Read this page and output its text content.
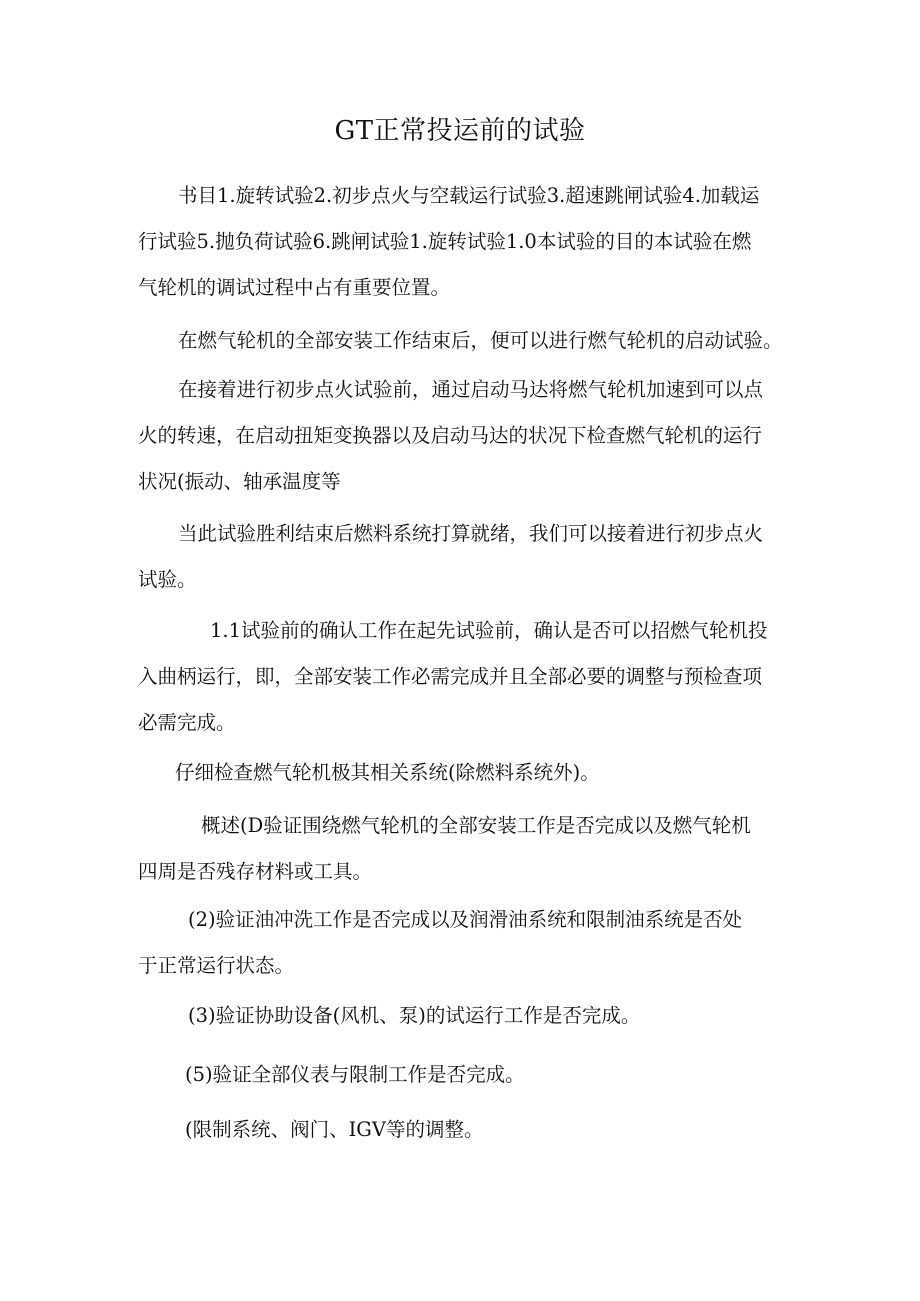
GT正常投运前的试验
书目1.旋转试验2.初步点火与空载运行试验3.超速跳闸试验4.加载运
行试验5.抛负荷试验6.跳闸试验1.旋转试验1.0本试验的目的本试验在燃
气轮机的调试过程中占有重要位置。
在燃气轮机的全部安装工作结束后，便可以进行燃气轮机的启动试验。
在接着进行初步点火试验前，通过启动马达将燃气轮机加速到可以点
火的转速，在启动扭矩变换器以及启动马达的状况下检查燃气轮机的运行
状况(振动、轴承温度等
当此试验胜利结束后燃料系统打算就绪，我们可以接着进行初步点火
试验。
1.1试验前的确认工作在起先试验前，确认是否可以招燃气轮机投
入曲柄运行，即，全部安装工作必需完成并且全部必要的调整与预检查项
必需完成。
仔细检查燃气轮机极其相关系统(除燃料系统外)。
概述(D验证围绕燃气轮机的全部安装工作是否完成以及燃气轮机
四周是否残存材料或工具。
(2)验证油冲洗工作是否完成以及润滑油系统和限制油系统是否处
于正常运行状态。
(3)验证协助设备(风机、泵)的试运行工作是否完成。
(5)验证全部仪表与限制工作是否完成。
(限制系统、阀门、IGV等的调整。
